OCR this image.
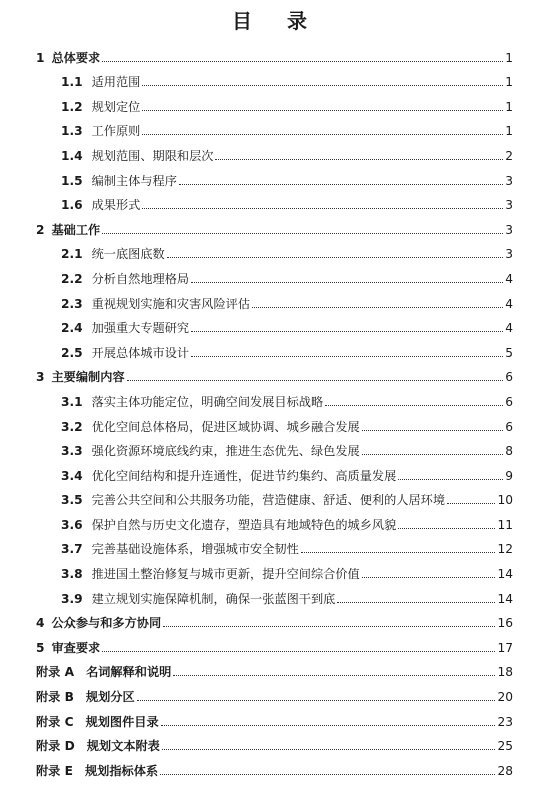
目 录
1 总体要求	1
1.1 适用范围	1
1.2 规划定位	1
1.3 工作原则	1
1.4 规划范围、期限和层次	2
1.5 编制主体与程序	3
1.6 成果形式	3
2 基础工作	3
2.1 统一底图底数	3
2.2 分析自然地理格局	4
2.3 重视规划实施和灾害风险评估	4
2.4 加强重大专题研究	4
2.5 开展总体城市设计	5
3 主要编制内容	6
3.1 落实主体功能定位，明确空间发展目标战略	6
3.2 优化空间总体格局，促进区域协调、城乡融合发展	6
3.3 强化资源环境底线约束，推进生态优先、绿色发展	8
3.4 优化空间结构和提升连通性，促进节约集约、高质量发展	9
3.5 完善公共空间和公共服务功能，营造健康、舒适、便利的人居环境	10
3.6 保护自然与历史文化遗存，塑造具有地域特色的城乡风貌	11
3.7 完善基础设施体系，增强城市安全韧性	12
3.8 推进国土整治修复与城市更新，提升空间综合价值	14
3.9 建立规划实施保障机制，确保一张蓝图干到底	14
4 公众参与和多方协同	16
5 审查要求	17
附录 A 名词解释和说明	18
附录 B 规划分区	20
附录 C 规划图件目录	23
附录 D 规划文本附表	25
附录 E 规划指标体系	28
